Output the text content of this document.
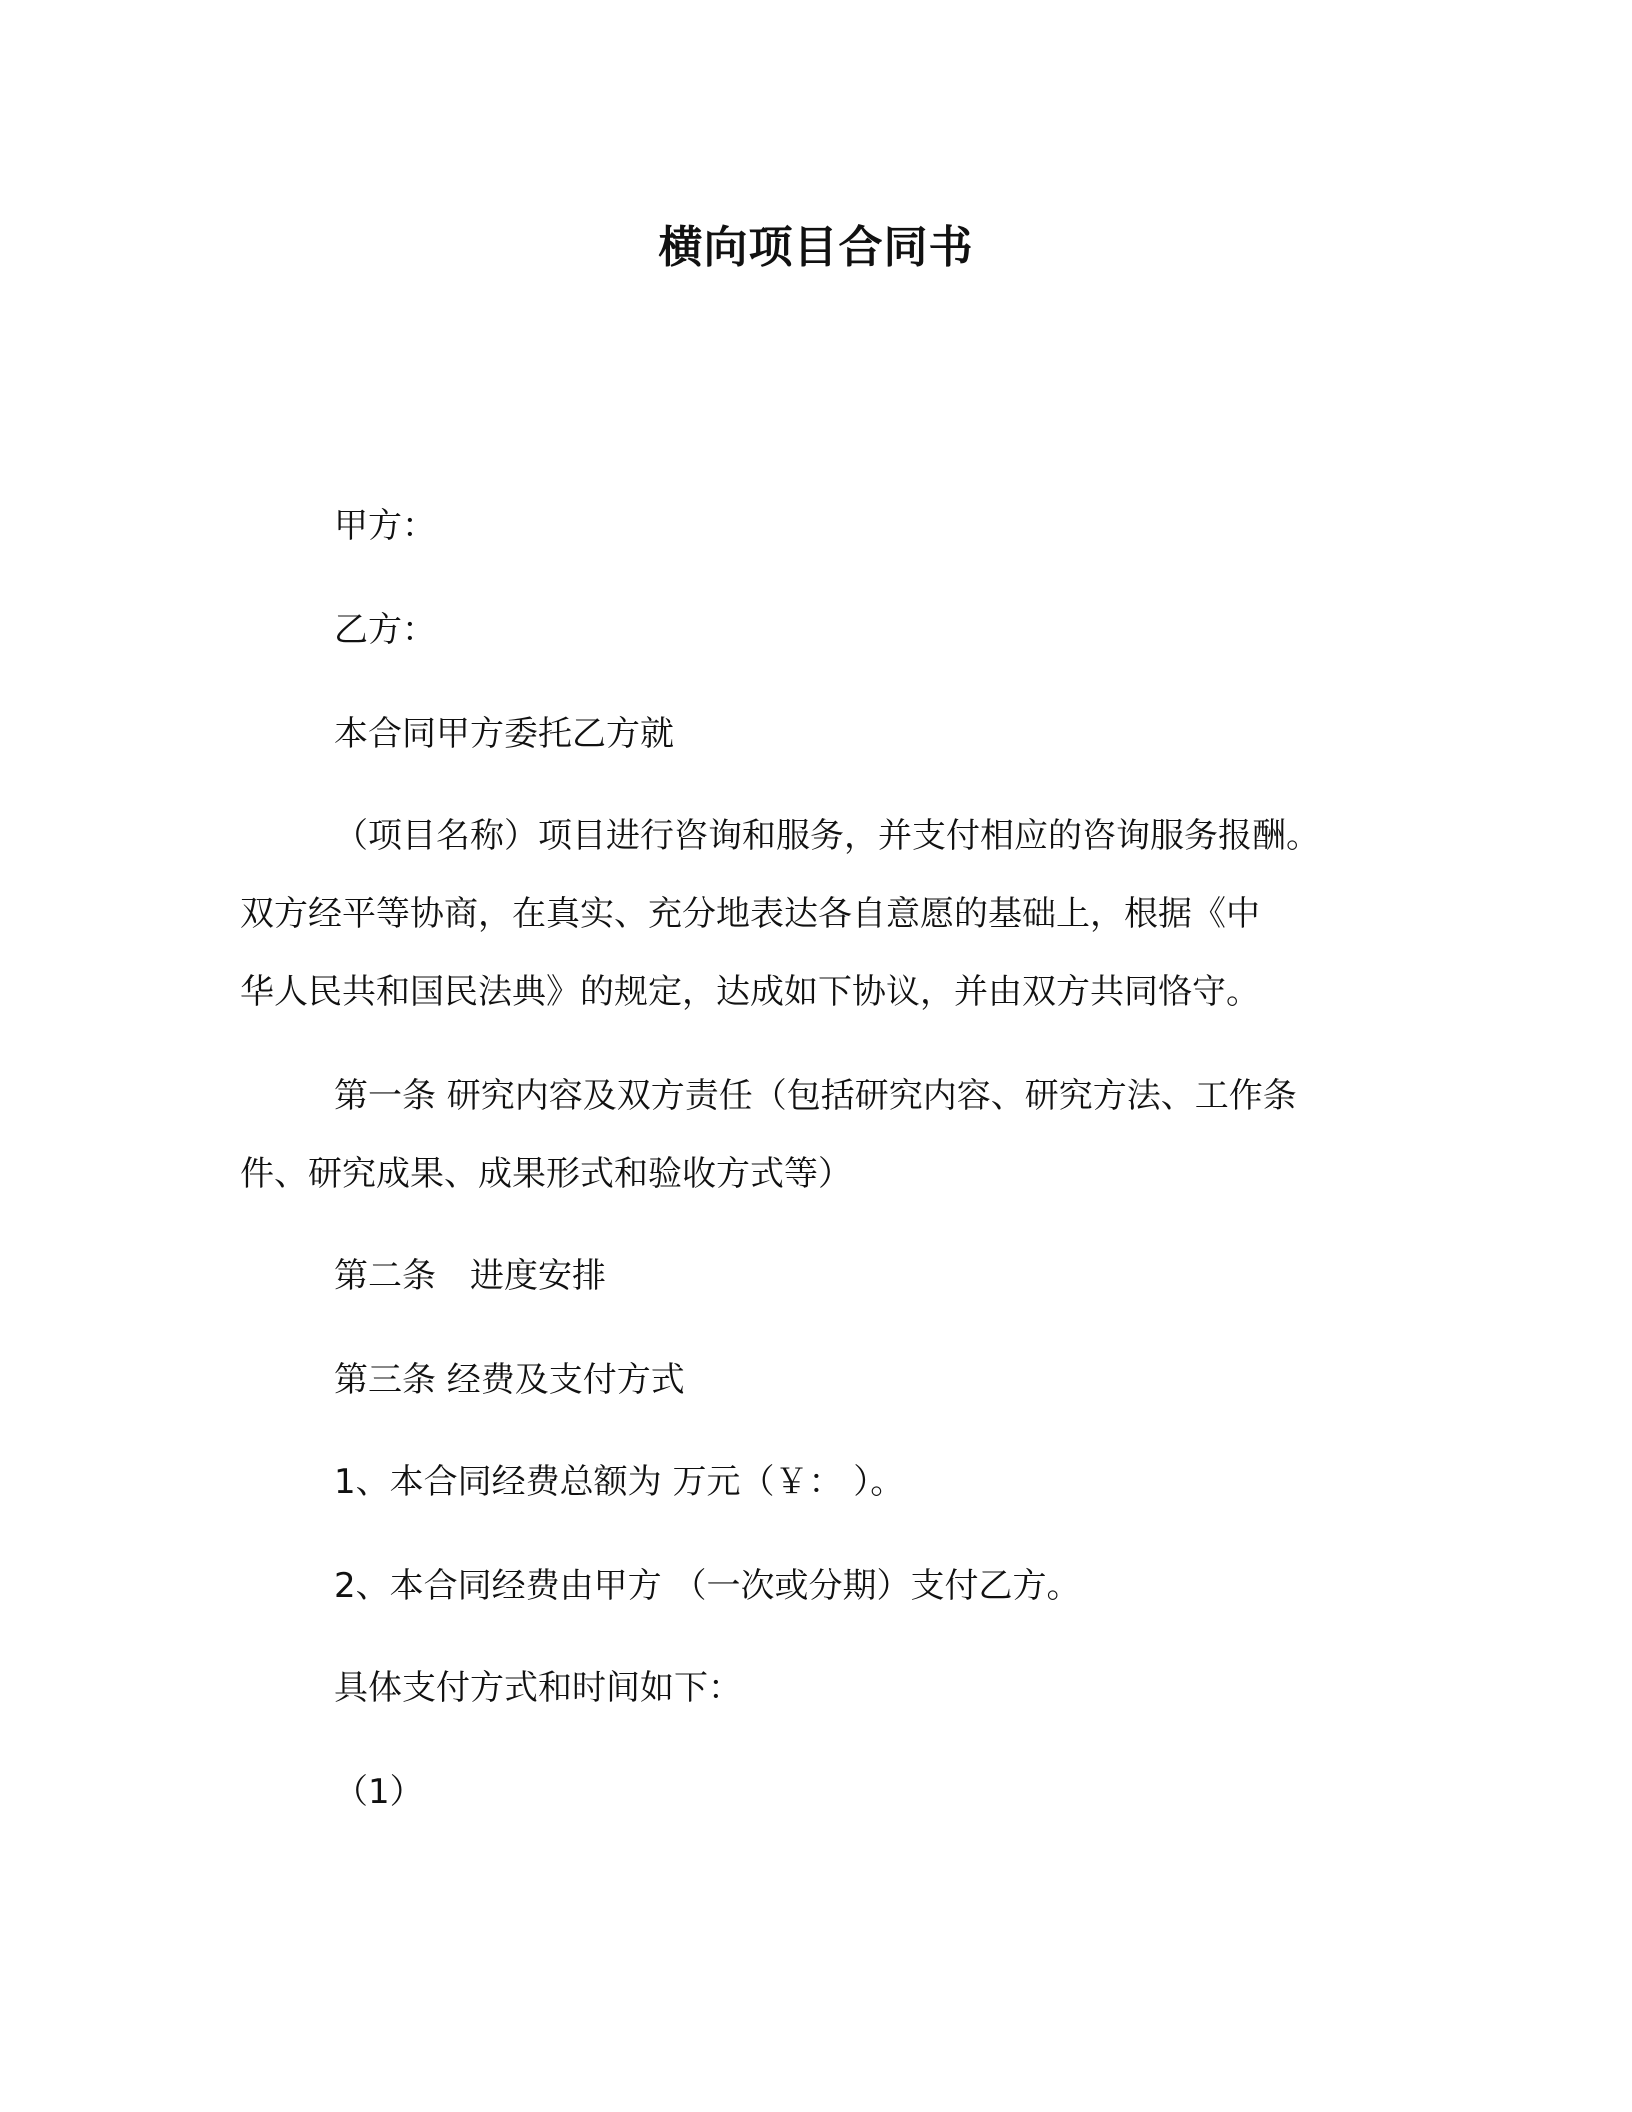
横向项目合同书

甲方：

乙方：

本合同甲方委托乙方就

（项目名称）项目进行咨询和服务，并支付相应的咨询服务报酬。

双方经平等协商，在真实、充分地表达各自意愿的基础上，根据《中

华人民共和国民法典》的规定，达成如下协议，并由双方共同恪守。

第一条 研究内容及双方责任（包括研究内容、研究方法、工作条

件、研究成果、成果形式和验收方式等）

第二条　进度安排

第三条 经费及支付方式

1、本合同经费总额为 万元（￥： ）。

2、本合同经费由甲方 （一次或分期）支付乙方。

具体支付方式和时间如下：

（1）
